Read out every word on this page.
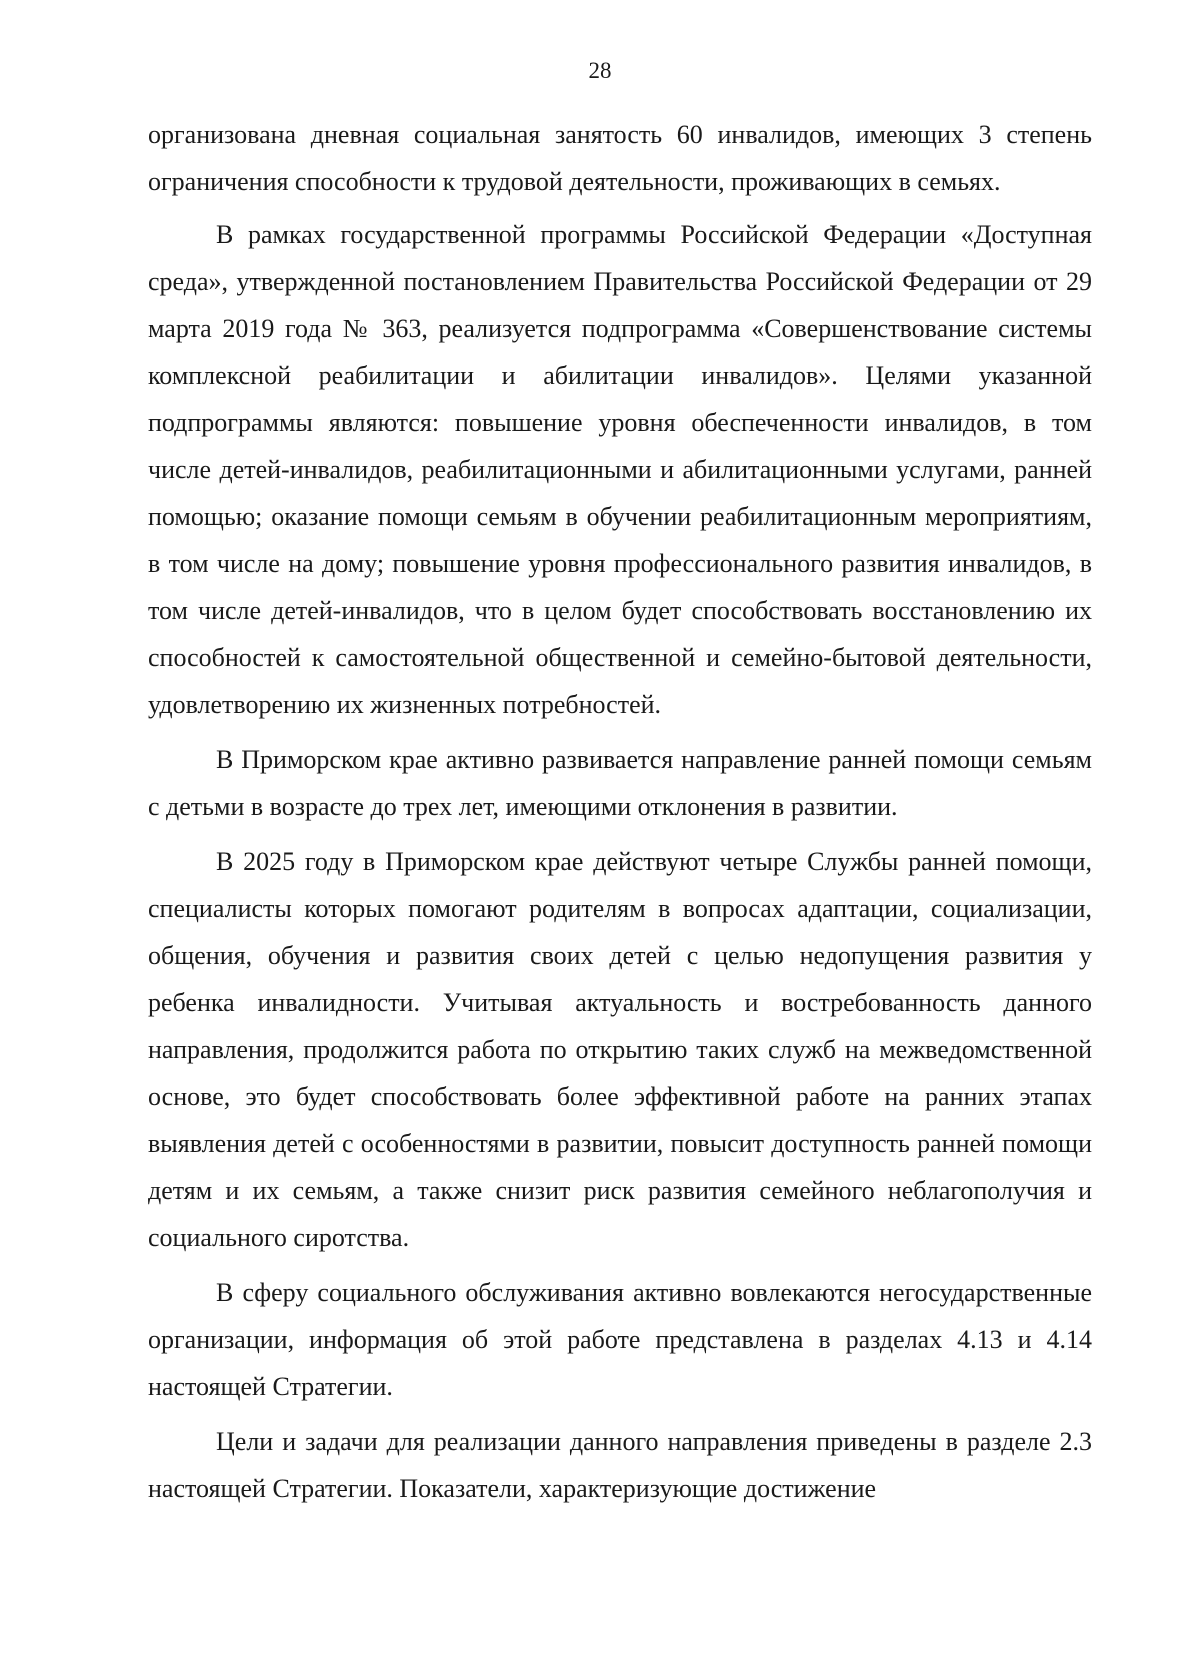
28

организована дневная социальная занятость 60 инвалидов, имеющих 3 степень ограничения способности к трудовой деятельности, проживающих в семьях.

В рамках государственной программы Российской Федерации «Доступная среда», утвержденной постановлением Правительства Российской Федерации от 29 марта 2019 года № 363, реализуется подпрограмма «Совершенствование системы комплексной реабилитации и абилитации инвалидов». Целями указанной подпрограммы являются: повышение уровня обеспеченности инвалидов, в том числе детей-инвалидов, реабилитационными и абилитационными услугами, ранней помощью; оказание помощи семьям в обучении реабилитационным мероприятиям, в том числе на дому; повышение уровня профессионального развития инвалидов, в том числе детей-инвалидов, что в целом будет способствовать восстановлению их способностей к самостоятельной общественной и семейно-бытовой деятельности, удовлетворению их жизненных потребностей.

В Приморском крае активно развивается направление ранней помощи семьям с детьми в возрасте до трех лет, имеющими отклонения в развитии.

В 2025 году в Приморском крае действуют четыре Службы ранней помощи, специалисты которых помогают родителям в вопросах адаптации, социализации, общения, обучения и развития своих детей с целью недопущения развития у ребенка инвалидности. Учитывая актуальность и востребованность данного направления, продолжится работа по открытию таких служб на межведомственной основе, это будет способствовать более эффективной работе на ранних этапах выявления детей с особенностями в развитии, повысит доступность ранней помощи детям и их семьям, а также снизит риск развития семейного неблагополучия и социального сиротства.

В сферу социального обслуживания активно вовлекаются негосударственные организации, информация об этой работе представлена в разделах 4.13 и 4.14 настоящей Стратегии.

Цели и задачи для реализации данного направления приведены в разделе 2.3 настоящей Стратегии. Показатели, характеризующие достижение
